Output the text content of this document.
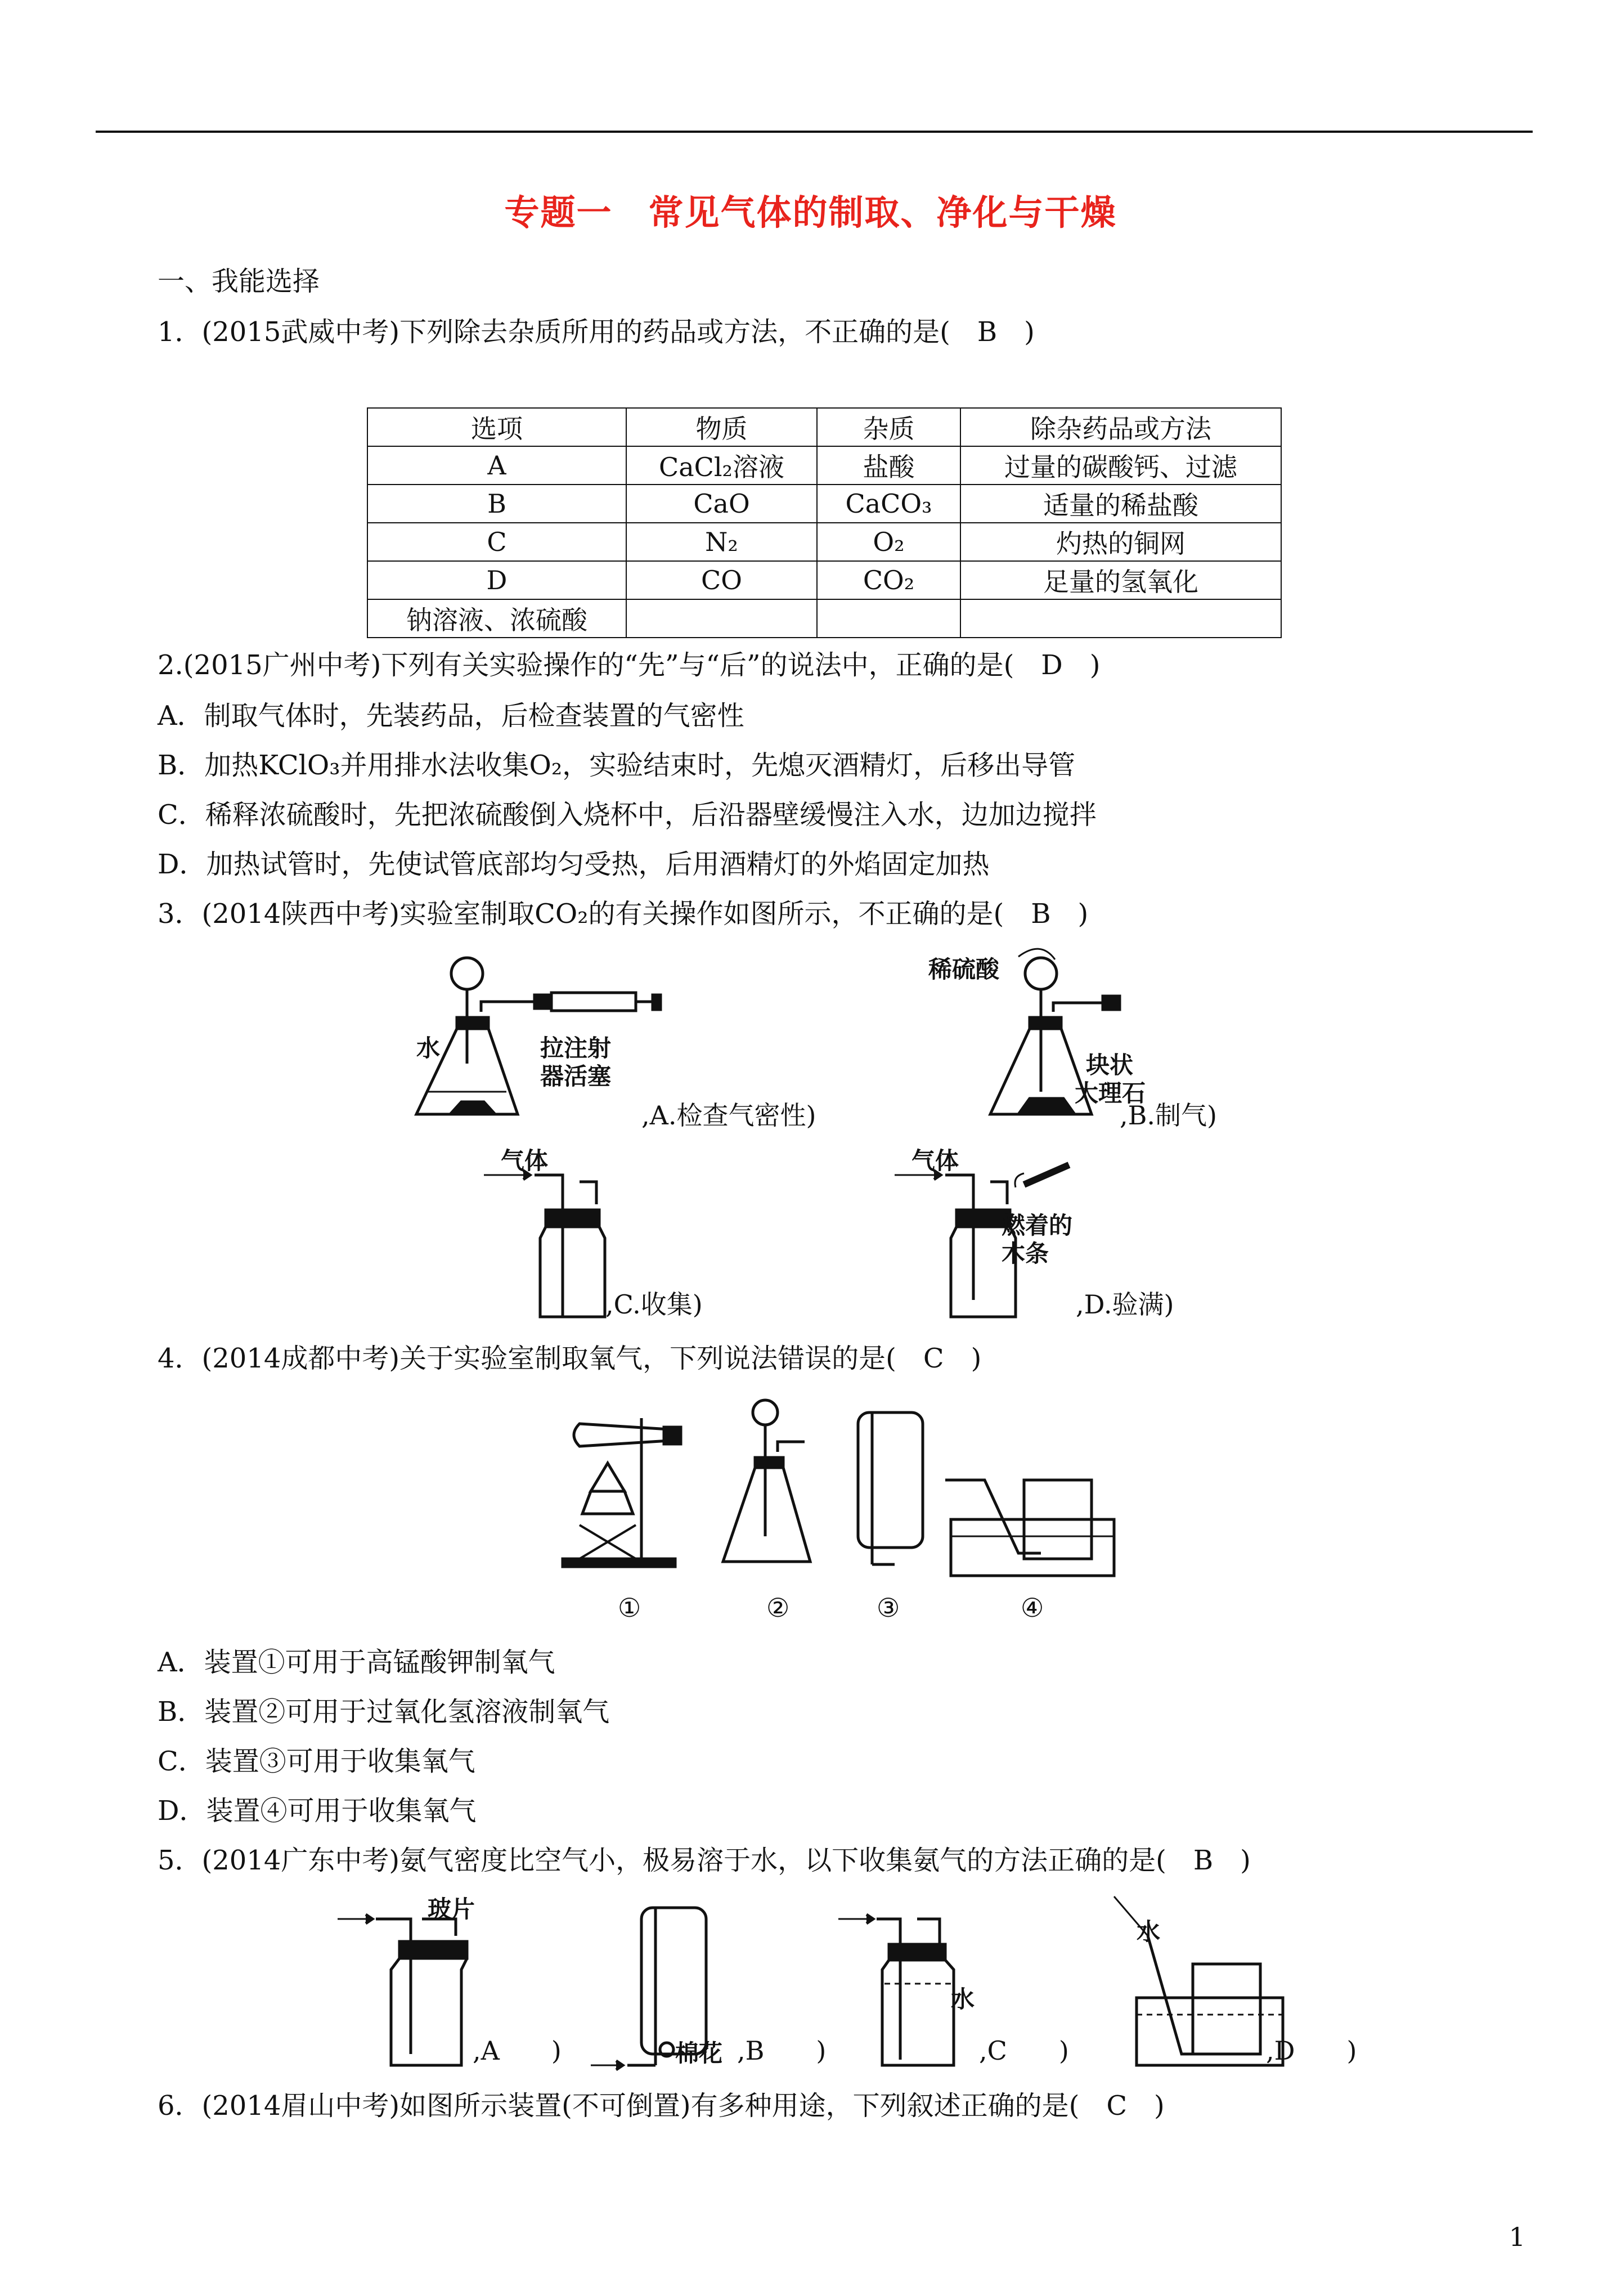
专题一　常见气体的制取、净化与干燥
一、我能选择
1．(2015武威中考)下列除去杂质所用的药品或方法，不正确的是(　B　)
选项	物质	杂质	除杂药品或方法
A	CaCl₂溶液	盐酸	过量的碳酸钙、过滤
B	CaO	CaCO₃	适量的稀盐酸
C	N₂	O₂	灼热的铜网
D	CO	CO₂	足量的氢氧化
钠溶液、浓硫酸			
2.(2015广州中考)下列有关实验操作的“先”与“后”的说法中，正确的是(　D　)
A．制取气体时，先装药品，后检查装置的气密性
B．加热KClO₃并用排水法收集O₂，实验结束时，先熄灭酒精灯，后移出导管
C．稀释浓硫酸时，先把浓硫酸倒入烧杯中，后沿器壁缓慢注入水，边加边搅拌
D．加热试管时，先使试管底部均匀受热，后用酒精灯的外焰固定加热
3．(2014陕西中考)实验室制取CO₂的有关操作如图所示，不正确的是(　B　)
水	拉注射
器活塞
,A.检查气密性)
稀硫酸
块状
大理石
,B.制气)
气体
,C.收集)
气体
燃着的
木条
,D.验满)
4．(2014成都中考)关于实验室制取氧气，下列说法错误的是(　C　)
①	②	③	④
A．装置①可用于高锰酸钾制氧气
B．装置②可用于过氧化氢溶液制氧气
C．装置③可用于收集氧气
D．装置④可用于收集氧气
5．(2014广东中考)氨气密度比空气小，极易溶于水，以下收集氨气的方法正确的是(　B　)
玻片
棉花
水
水
,A　　)	,B　　)	,C　　)	,D　　)
6．(2014眉山中考)如图所示装置(不可倒置)有多种用途，下列叙述正确的是(　C　)
1
